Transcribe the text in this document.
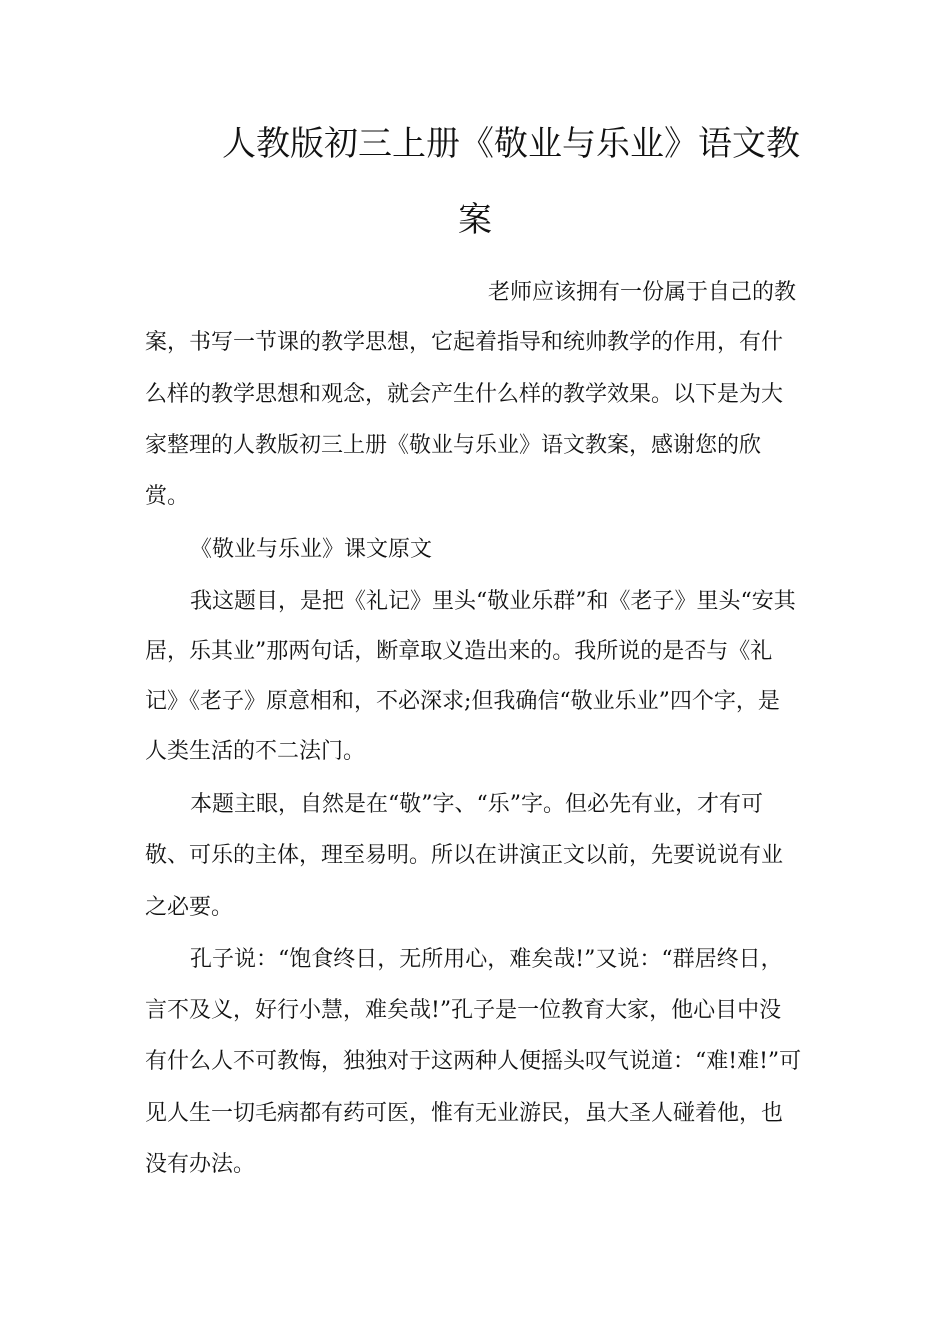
人教版初三上册《敬业与乐业》语文教
案
老师应该拥有一份属于自己的教
案，书写一节课的教学思想，它起着指导和统帅教学的作用，有什
么样的教学思想和观念，就会产生什么样的教学效果。以下是为大
家整理的人教版初三上册《敬业与乐业》语文教案，感谢您的欣
赏。
《敬业与乐业》课文原文
我这题目，是把《礼记》里头“敬业乐群”和《老子》里头“安其
居，乐其业”那两句话，断章取义造出来的。我所说的是否与《礼
记》《老子》原意相和，不必深求;但我确信“敬业乐业”四个字，是
人类生活的不二法门。
本题主眼，自然是在“敬”字、“乐”字。但必先有业，才有可
敬、可乐的主体，理至易明。所以在讲演正文以前，先要说说有业
之必要。
孔子说：“饱食终日，无所用心，难矣哉!”又说：“群居终日，
言不及义，好行小慧，难矣哉!”孔子是一位教育大家，他心目中没
有什么人不可教悔，独独对于这两种人便摇头叹气说道：“难!难!”可
见人生一切毛病都有药可医，惟有无业游民，虽大圣人碰着他，也
没有办法。
